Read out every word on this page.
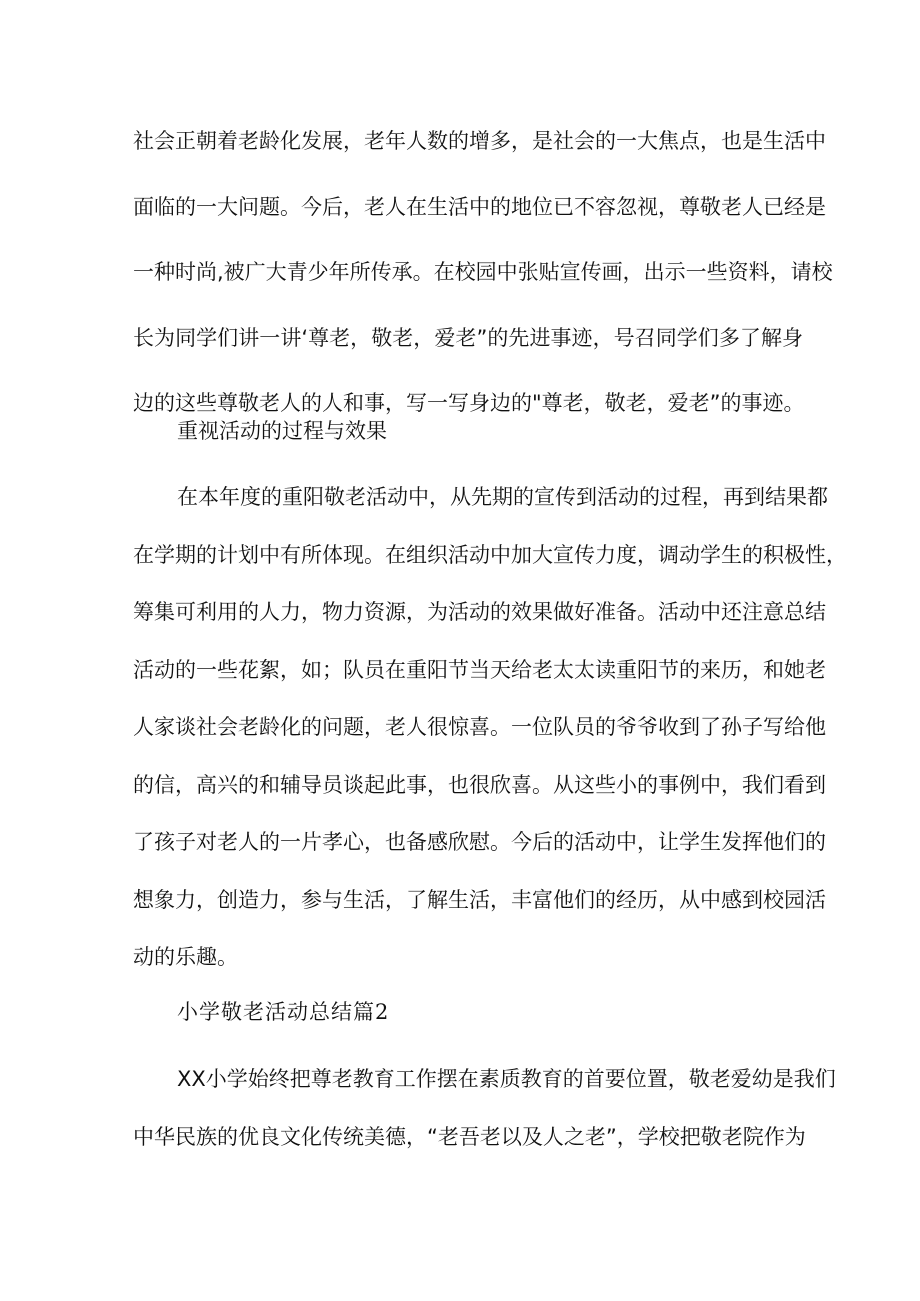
社会正朝着老龄化发展，老年人数的增多，是社会的一大焦点，也是生活中
面临的一大问题。今后，老人在生活中的地位已不容忽视，尊敬老人已经是
一种时尚,被广大青少年所传承。在校园中张贴宣传画，出示一些资料，请校
长为同学们讲一讲‘尊老，敬老，爱老”的先进事迹，号召同学们多了解身
边的这些尊敬老人的人和事，写一写身边的"尊老，敬老，爱老”的事迹。
重视活动的过程与效果
在本年度的重阳敬老活动中，从先期的宣传到活动的过程，再到结果都
在学期的计划中有所体现。在组织活动中加大宣传力度，调动学生的积极性，
筹集可利用的人力，物力资源，为活动的效果做好准备。活动中还注意总结
活动的一些花絮，如；队员在重阳节当天给老太太读重阳节的来历，和她老
人家谈社会老龄化的问题，老人很惊喜。一位队员的爷爷收到了孙子写给他
的信，高兴的和辅导员谈起此事，也很欣喜。从这些小的事例中，我们看到
了孩子对老人的一片孝心，也备感欣慰。今后的活动中，让学生发挥他们的
想象力，创造力，参与生活，了解生活，丰富他们的经历，从中感到校园活
动的乐趣。
小学敬老活动总结篇2
XX小学始终把尊老教育工作摆在素质教育的首要位置，敬老爱幼是我们
中华民族的优良文化传统美德，“老吾老以及人之老”，学校把敬老院作为
